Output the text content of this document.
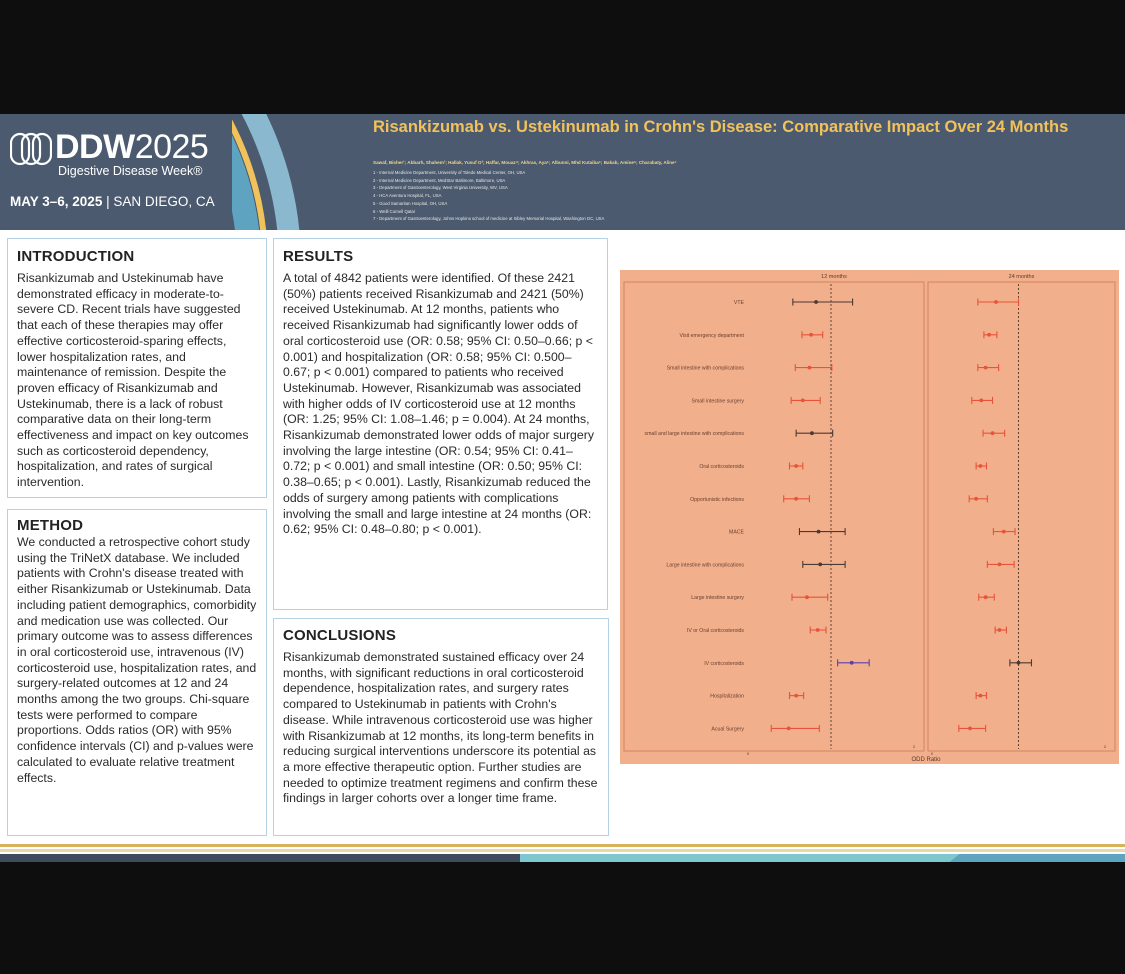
DDW2025
Digestive Disease Week®
MAY 3–6, 2025 | SAN DIEGO, CA
Risankizumab vs. Ustekinumab in Crohn's Disease: Comparative Impact Over 24 Months
Sawaf, Bisher¹; Abbarh, Shahem²; Hallak, Yusuf O³; Haffar, Mouaz⁴; Akhras, Aya⁵; Albunni, Mhd Kutaiba⁶; Bakab, Amine⁶; Charabaty, Aline⁷
1 - Internal Medicine Department, University of Toledo Medical Center, OH, USA
2 - Internal Medicine Department, MedStar Baltimore, Baltimore, USA
3 - Department of Gastroenterology, West Virginia University, WV, USA
4 - HCA Aventura Hospital, FL, USA
5 - Good Samaritan Hospital, OH, USA
6 - Weill Cornell Qatar
7 - Department of Gastroenterology, Johns Hopkins school of medicine at Sibley Memorial Hospital, Washington DC, USA
INTRODUCTION

Risankizumab and Ustekinumab have demonstrated efficacy in moderate-to-severe CD. Recent trials have suggested that each of these therapies may offer effective corticosteroid-sparing effects, lower hospitalization rates, and maintenance of remission. Despite the proven efficacy of Risankizumab and Ustekinumab, there is a lack of robust comparative data on their long-term effectiveness and impact on key outcomes such as corticosteroid dependency, hospitalization, and rates of surgical intervention.

METHOD

We conducted a retrospective cohort study using the TriNetX database. We included patients with Crohn's disease treated with either Risankizumab or Ustekinumab. Data including patient demographics, comorbidity and medication use was collected. Our primary outcome was to assess differences in oral corticosteroid use, intravenous (IV) corticosteroid use, hospitalization rates, and surgery-related outcomes at 12 and 24 months among the two groups. Chi-square tests were performed to compare proportions. Odds ratios (OR) with 95% confidence intervals (CI) and p-values were calculated to evaluate relative treatment effects.

RESULTS

A total of 4842 patients were identified. Of these 2421 (50%) patients received Risankizumab and 2421 (50%) received Ustekinumab. At 12 months, patients who received Risankizumab had significantly lower odds of oral corticosteroid use (OR: 0.58; 95% CI: 0.50–0.66; p < 0.001) and hospitalization (OR: 0.58; 95% CI: 0.500–0.67; p < 0.001) compared to patients who received Ustekinumab. However, Risankizumab was associated with higher odds of IV corticosteroid use at 12 months (OR: 1.25; 95% CI: 1.08–1.46; p = 0.004). At 24 months, Risankizumab demonstrated lower odds of major surgery involving the large intestine (OR: 0.54; 95% CI: 0.41–0.72; p < 0.001) and small intestine (OR: 0.50; 95% CI: 0.38–0.65; p < 0.001). Lastly, Risankizumab reduced the odds of surgery among patients with complications involving the small and large intestine at 24 months (OR: 0.62; 95% CI: 0.48–0.80; p < 0.001).

CONCLUSIONS

Risankizumab demonstrated sustained efficacy over 24 months, with significant reductions in oral corticosteroid dependence, hospitalization rates, and surgery rates compared to Ustekinumab in patients with Crohn's disease. While intravenous corticosteroid use was higher with Risankizumab at 12 months, its long-term benefits in reducing surgical interventions underscore its potential as a more effective therapeutic option. Further studies are needed to optimize treatment regimens and confirm these findings in larger cohorts over a longer time frame.

12 months
0
2
VTE
Visit emergency department
Small intestine with complications
Small intestine surgery
small and large intestine with complications
Oral corticosteroids
Opportunistic infections
MACE
Large intestine with complications
Large intestine surgery
IV or Oral corticosteroids
IV corticosteroids
Hospitalization
Acual Surgery
24 months
0
2
ODD Ratio
